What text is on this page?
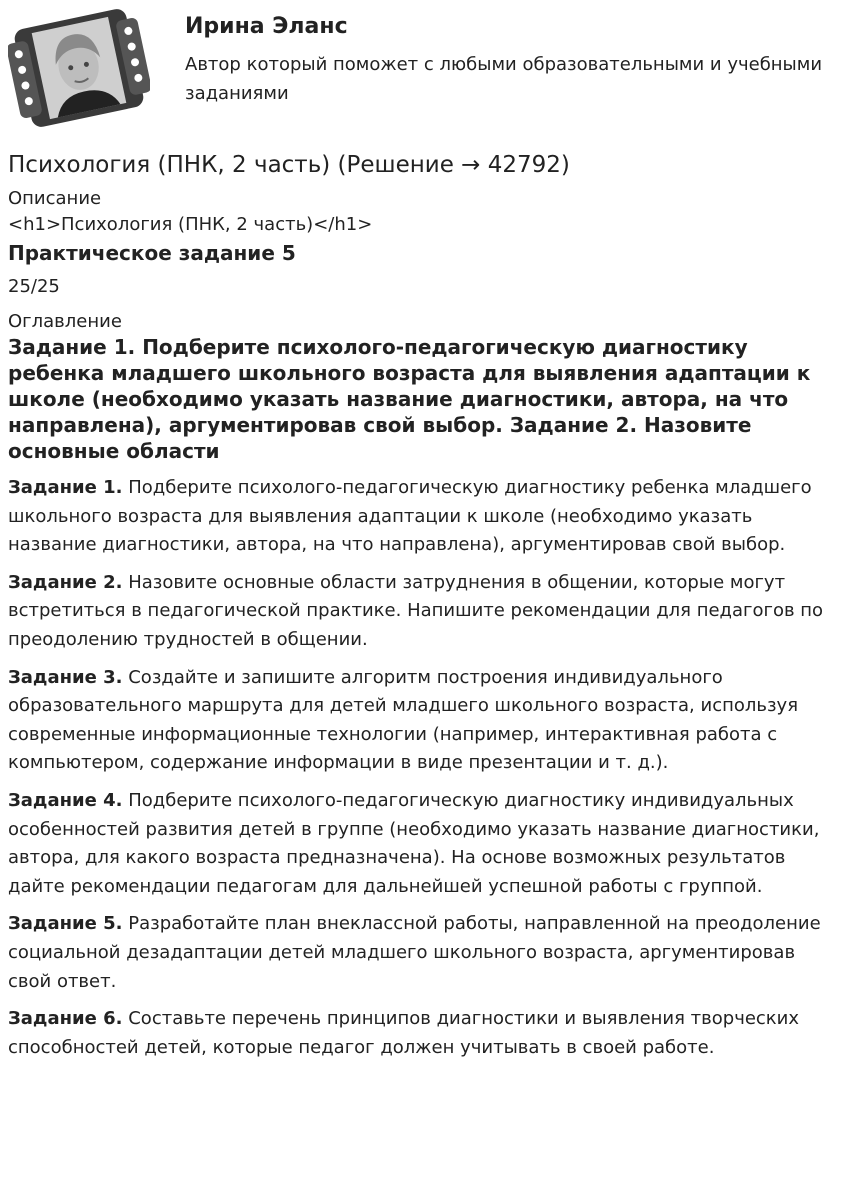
Ирина Эланс
Автор который поможет с любыми образовательными и учебными заданиями
Психология (ПНК, 2 часть) (Решение → 42792)
Описание
<h1>Психология (ПНК, 2 часть)</h1>
Практическое задание 5
25/25
Оглавление
Задание 1. Подберите психолого-педагогическую диагностику ребенка младшего школьного возраста для выявления адаптации к школе (необходимо указать название диагностики, автора, на что направлена), аргументировав свой выбор. Задание 2. Назовите основные области
Задание 1. Подберите психолого-педагогическую диагностику ребенка младшего школьного возраста для выявления адаптации к школе (необходимо указать название диагностики, автора, на что направлена), аргументировав свой выбор.
Задание 2. Назовите основные области затруднения в общении, которые могут встретиться в педагогической практике. Напишите рекомендации для педагогов по преодолению трудностей в общении.
Задание 3. Создайте и запишите алгоритм построения индивидуального образовательного маршрута для детей младшего школьного возраста, используя современные информационные технологии (например, интерактивная работа с компьютером, содержание информации в виде презентации и т. д.).
Задание 4. Подберите психолого-педагогическую диагностику индивидуальных особенностей развития детей в группе (необходимо указать название диагностики, автора, для какого возраста предназначена). На основе возможных результатов дайте рекомендации педагогам для дальнейшей успешной работы с группой.
Задание 5. Разработайте план внеклассной работы, направленной на преодоление социальной дезадаптации детей младшего школьного возраста, аргументировав свой ответ.
Задание 6. Составьте перечень принципов диагностики и выявления творческих способностей детей, которые педагог должен учитывать в своей работе.
